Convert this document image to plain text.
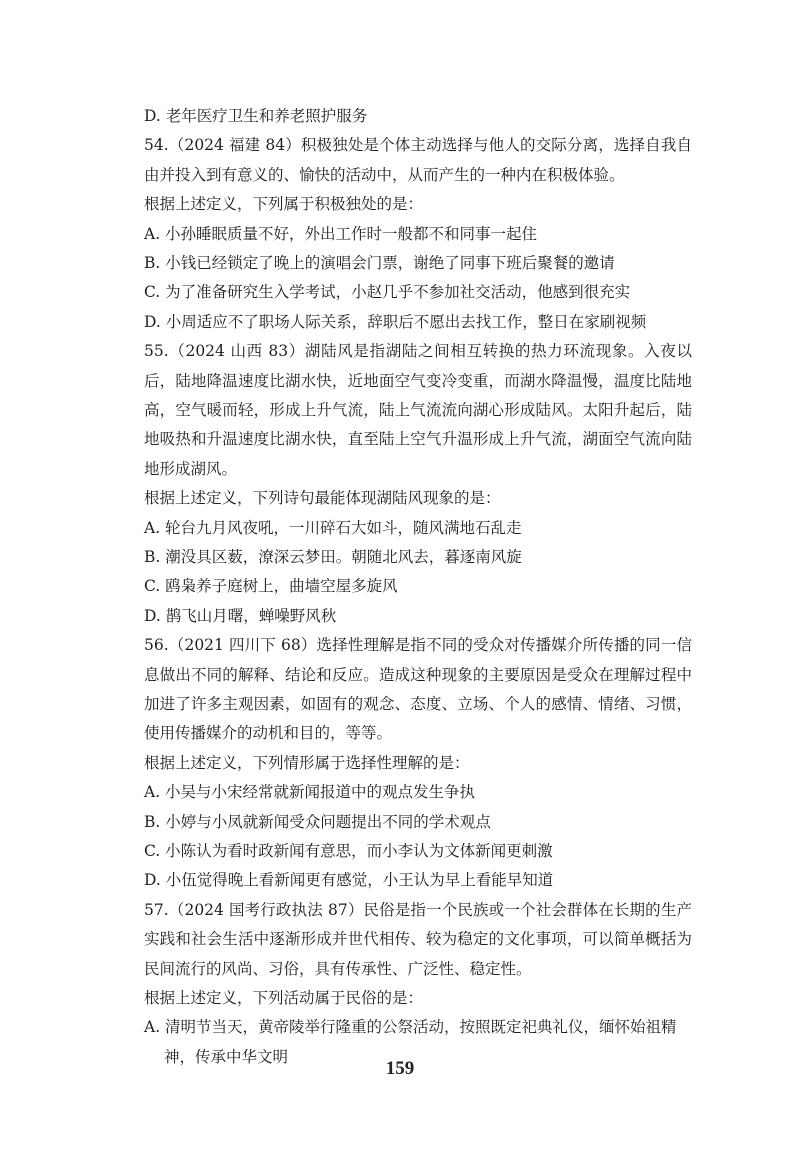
D. 老年医疗卫生和养老照护服务
54.（2024 福建 84）积极独处是个体主动选择与他人的交际分离，选择自我自由并投入到有意义的、愉快的活动中，从而产生的一种内在积极体验。
根据上述定义，下列属于积极独处的是：
A. 小孙睡眠质量不好，外出工作时一般都不和同事一起住
B. 小钱已经锁定了晚上的演唱会门票，谢绝了同事下班后聚餐的邀请
C. 为了准备研究生入学考试，小赵几乎不参加社交活动，他感到很充实
D. 小周适应不了职场人际关系，辞职后不愿出去找工作，整日在家刷视频
55.（2024 山西 83）湖陆风是指湖陆之间相互转换的热力环流现象。入夜以后，陆地降温速度比湖水快，近地面空气变冷变重，而湖水降温慢，温度比陆地高，空气暖而轻，形成上升气流，陆上气流流向湖心形成陆风。太阳升起后，陆地吸热和升温速度比湖水快，直至陆上空气升温形成上升气流，湖面空气流向陆地形成湖风。
根据上述定义，下列诗句最能体现湖陆风现象的是：
A. 轮台九月风夜吼，一川碎石大如斗，随风满地石乱走
B. 潮没具区薮，潦深云梦田。朝随北风去，暮逐南风旋
C. 鸥枭养子庭树上，曲墙空屋多旋风
D. 鹊飞山月曙，蝉噪野风秋
56.（2021 四川下 68）选择性理解是指不同的受众对传播媒介所传播的同一信息做出不同的解释、结论和反应。造成这种现象的主要原因是受众在理解过程中加进了许多主观因素，如固有的观念、态度、立场、个人的感情、情绪、习惯，使用传播媒介的动机和目的，等等。
根据上述定义，下列情形属于选择性理解的是：
A. 小吴与小宋经常就新闻报道中的观点发生争执
B. 小婷与小凤就新闻受众问题提出不同的学术观点
C. 小陈认为看时政新闻有意思，而小李认为文体新闻更刺激
D. 小伍觉得晚上看新闻更有感觉，小王认为早上看能早知道
57.（2024 国考行政执法 87）民俗是指一个民族或一个社会群体在长期的生产实践和社会生活中逐渐形成并世代相传、较为稳定的文化事项，可以简单概括为民间流行的风尚、习俗，具有传承性、广泛性、稳定性。
根据上述定义，下列活动属于民俗的是：
A. 清明节当天，黄帝陵举行隆重的公祭活动，按照既定祀典礼仪，缅怀始祖精
神，传承中华文明
159
